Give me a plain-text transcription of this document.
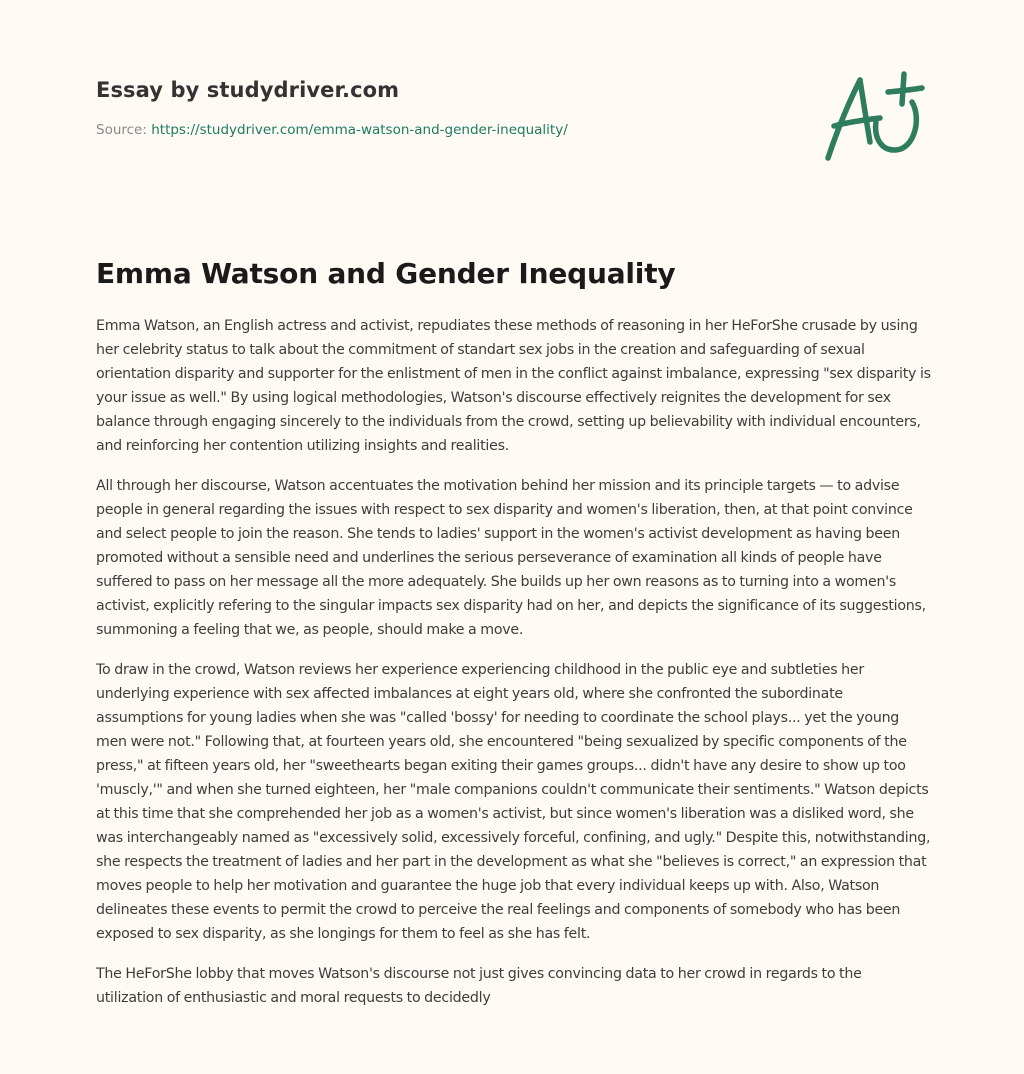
Essay by studydriver.com
Source: https://studydriver.com/emma-watson-and-gender-inequality/
Emma Watson and Gender Inequality

Emma Watson, an English actress and activist, repudiates these methods of reasoning in her HeForShe crusade by using her celebrity status to talk about the commitment of standart sex jobs in the creation and safeguarding of sexual orientation disparity and supporter for the enlistment of men in the conflict against imbalance, expressing "sex disparity is your issue as well." By using logical methodologies, Watson's discourse effectively reignites the development for sex balance through engaging sincerely to the individuals from the crowd, setting up believability with individual encounters, and reinforcing her contention utilizing insights and realities.

All through her discourse, Watson accentuates the motivation behind her mission and its principle targets — to advise people in general regarding the issues with respect to sex disparity and women's liberation, then, at that point convince and select people to join the reason. She tends to ladies' support in the women's activist development as having been promoted without a sensible need and underlines the serious perseverance of examination all kinds of people have suffered to pass on her message all the more adequately. She builds up her own reasons as to turning into a women's activist, explicitly refering to the singular impacts sex disparity had on her, and depicts the significance of its suggestions, summoning a feeling that we, as people, should make a move.

To draw in the crowd, Watson reviews her experience experiencing childhood in the public eye and subtleties her underlying experience with sex affected imbalances at eight years old, where she confronted the subordinate assumptions for young ladies when she was "called 'bossy' for needing to coordinate the school plays... yet the young men were not." Following that, at fourteen years old, she encountered "being sexualized by specific components of the press," at fifteen years old, her "sweethearts began exiting their games groups... didn't have any desire to show up too 'muscly,'" and when she turned eighteen, her "male companions couldn't communicate their sentiments." Watson depicts at this time that she comprehended her job as a women's activist, but since women's liberation was a disliked word, she was interchangeably named as "excessively solid, excessively forceful, confining, and ugly." Despite this, notwithstanding, she respects the treatment of ladies and her part in the development as what she "believes is correct," an expression that moves people to help her motivation and guarantee the huge job that every individual keeps up with. Also, Watson delineates these events to permit the crowd to perceive the real feelings and components of somebody who has been exposed to sex disparity, as she longings for them to feel as she has felt.

The HeForShe lobby that moves Watson's discourse not just gives convincing data to her crowd in regards to the utilization of enthusiastic and moral requests to decidedly
